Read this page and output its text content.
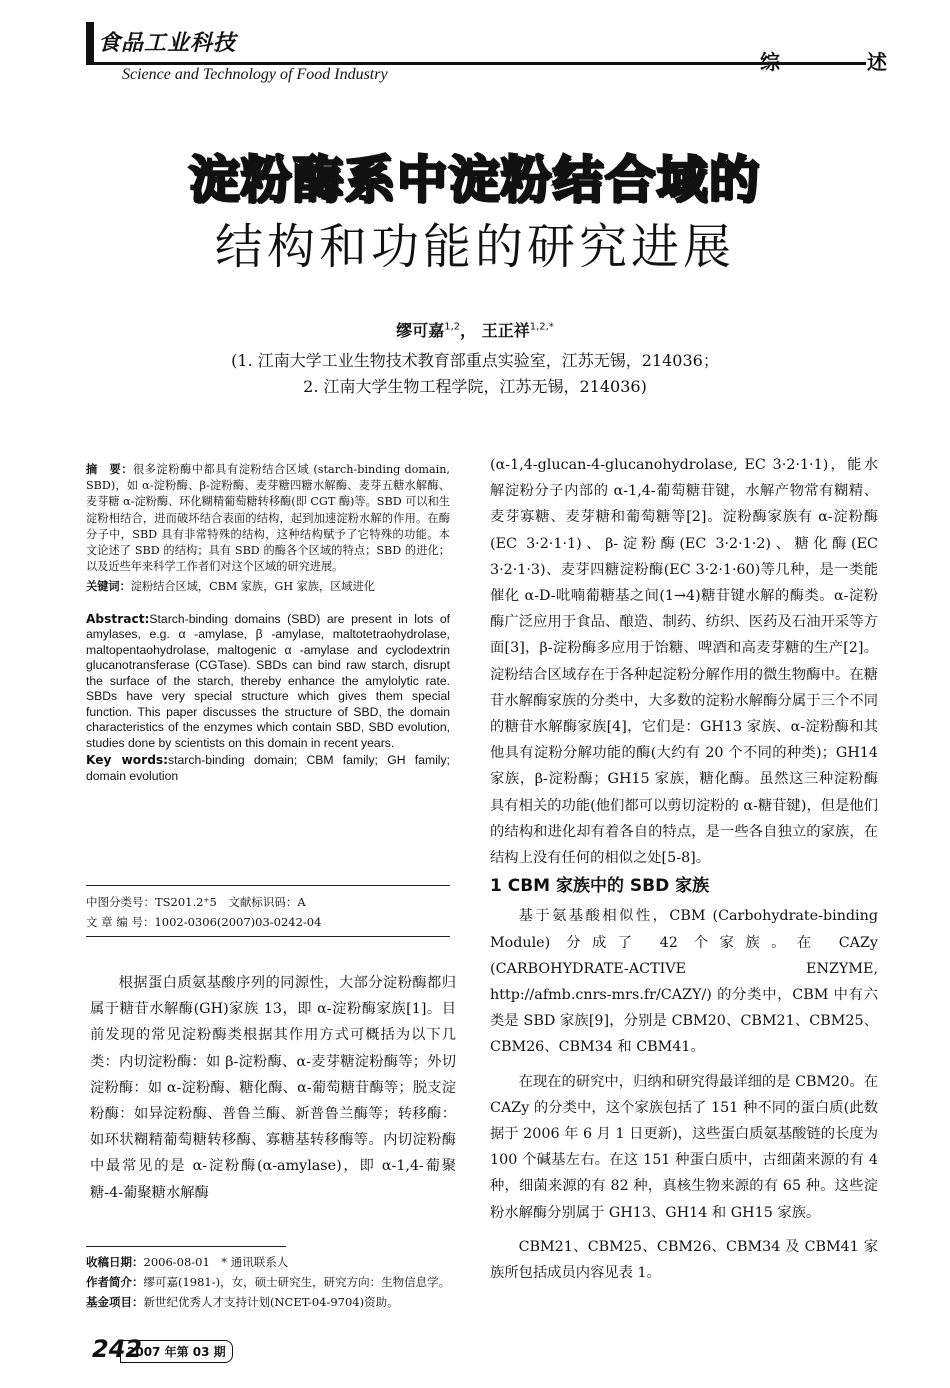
食品工业科技
Science and Technology of Food Industry
综 述
淀粉酶系中淀粉结合域的
结构和功能的研究进展
缪可嘉$^{1,2}$， 王正祥$^{1,2,*}$
(1. 江南大学工业生物技术教育部重点实验室，江苏无锡，214036；
2. 江南大学生物工程学院，江苏无锡，214036)

摘　要：很多淀粉酶中都具有淀粉结合区域 (starch-binding domain, SBD)，如 α-淀粉酶、β-淀粉酶、麦芽糖四糖水解酶、麦芽五糖水解酶、麦芽糖 α-淀粉酶、环化糊精葡萄糖转移酶(即 CGT 酶)等。SBD 可以和生淀粉相结合，进而破坏结合表面的结构，起到加速淀粉水解的作用。在酶分子中，SBD 具有非常特殊的结构，这种结构赋予了它特殊的功能。本文论述了 SBD 的结构；具有 SBD 的酶各个区域的特点；SBD 的进化；以及近些年来科学工作者们对这个区域的研究进展。

关键词：淀粉结合区域，CBM 家族，GH 家族，区域进化

Abstract:Starch-binding domains (SBD) are present in lots of amylases, e.g. α -amylase, β -amylase, maltotetraohydrolase, maltopentaohydrolase, maltogenic α -amylase and cyclodextrin glucanotransferase (CGTase). SBDs can bind raw starch, disrupt the surface of the starch, thereby enhance the amylolytic rate. SBDs have very special structure which gives them special function. This paper discusses the structure of SBD, the domain characteristics of the enzymes which contain SBD, SBD evolution, studies done by scientists on this domain in recent years.

Key words:starch-binding domain; CBM family; GH family; domain evolution

中图分类号：TS201.2⁺5　文献标识码：A
文 章 编 号：1002-0306(2007)03-0242-04

根据蛋白质氨基酸序列的同源性，大部分淀粉酶都归属于糖苷水解酶(GH)家族 13，即 α-淀粉酶家族[1]。目前发现的常见淀粉酶类根据其作用方式可概括为以下几类：内切淀粉酶：如 β-淀粉酶、α-麦芽糖淀粉酶等；外切淀粉酶：如 α-淀粉酶、糖化酶、α-葡萄糖苷酶等；脱支淀粉酶：如异淀粉酶、普鲁兰酶、新普鲁兰酶等；转移酶：如环状糊精葡萄糖转移酶、寡糖基转移酶等。内切淀粉酶中最常见的是 α-淀粉酶(α-amylase)，即 α-1,4-葡聚糖-4-葡聚糖水解酶

(α-1,4-glucan-4-glucanohydrolase, EC 3·2·1·1)，能水解淀粉分子内部的 α-1,4-葡萄糖苷键，水解产物常有糊精、麦芽寡糖、麦芽糖和葡萄糖等[2]。淀粉酶家族有 α-淀粉酶(EC 3·2·1·1)、β-淀粉酶(EC 3·2·1·2)、糖化酶(EC 3·2·1·3)、麦芽四糖淀粉酶(EC 3·2·1·60)等几种，是一类能催化 α-D-吡喃葡糖基之间(1→4)糖苷键水解的酶类。α-淀粉酶广泛应用于食品、酿造、制药、纺织、医药及石油开采等方面[3]，β-淀粉酶多应用于饴糖、啤酒和高麦芽糖的生产[2]。淀粉结合区域存在于各种起淀粉分解作用的微生物酶中。在糖苷水解酶家族的分类中，大多数的淀粉水解酶分属于三个不同的糖苷水解酶家族[4]，它们是：GH13 家族、α-淀粉酶和其他具有淀粉分解功能的酶(大约有 20 个不同的种类)；GH14 家族，β-淀粉酶；GH15 家族，糖化酶。虽然这三种淀粉酶具有相关的功能(他们都可以剪切淀粉的 α-糖苷键)，但是他们的结构和进化却有着各自的特点，是一些各自独立的家族，在结构上没有任何的相似之处[5-8]。

1 CBM 家族中的 SBD 家族

基于氨基酸相似性，CBM (Carbohydrate-binding Module) 分成了 42 个家族。在 CAZy (CARBOHYDRATE-ACTIVE ENZYME, http://afmb.cnrs-mrs.fr/CAZY/) 的分类中，CBM 中有六类是 SBD 家族[9]，分别是 CBM20、CBM21、CBM25、CBM26、CBM34 和 CBM41。

在现在的研究中，归纳和研究得最详细的是 CBM20。在 CAZy 的分类中，这个家族包括了 151 种不同的蛋白质(此数据于 2006 年 6 月 1 日更新)，这些蛋白质氨基酸链的长度为 100 个碱基左右。在这 151 种蛋白质中，古细菌来源的有 4 种，细菌来源的有 82 种，真核生物来源的有 65 种。这些淀粉水解酶分别属于 GH13、GH14 和 GH15 家族。

CBM21、CBM25、CBM26、CBM34 及 CBM41 家族所包括成员内容见表 1。

收稿日期：2006-08-01　* 通讯联系人
作者简介：缪可嘉(1981-)，女，硕士研究生，研究方向：生物信息学。
基金项目：新世纪优秀人才支持计划(NCET-04-9704)资助。
2007 年第 03 期
242
